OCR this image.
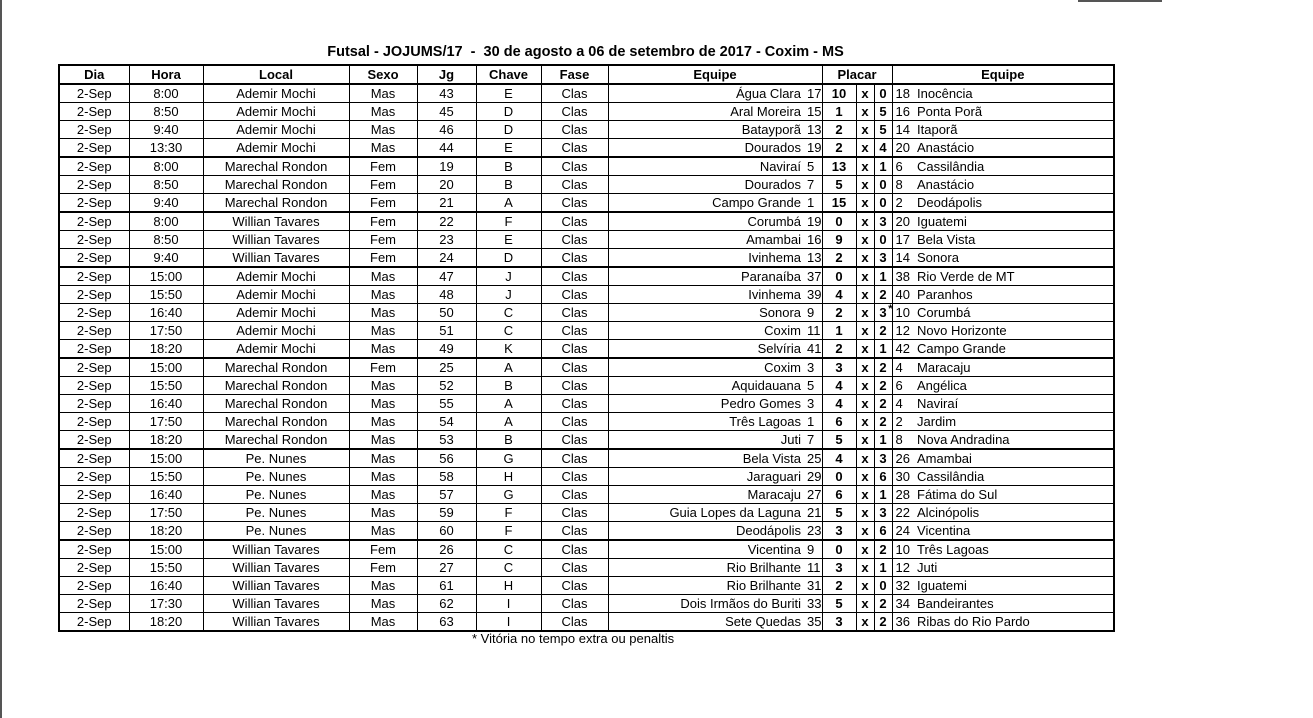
Futsal - JOJUMS/17  -  30 de agosto a 06 de setembro de 2017 - Coxim - MS
Dia	Hora	Local	Sexo	Jg	Chave	Fase	Equipe		Placar			Equipe	
2-Sep	8:00	Ademir Mochi	Mas	43	E	Clas	Água Clara	17	10	x	0	18	Inocência
2-Sep	8:50	Ademir Mochi	Mas	45	D	Clas	Aral Moreira	15	1	x	5	16	Ponta Porã
2-Sep	9:40	Ademir Mochi	Mas	46	D	Clas	Batayporã	13	2	x	5	14	Itaporã
2-Sep	13:30	Ademir Mochi	Mas	44	E	Clas	Dourados	19	2	x	4	20	Anastácio
2-Sep	8:00	Marechal Rondon	Fem	19	B	Clas	Naviraí	5	13	x	1	6	Cassilândia
2-Sep	8:50	Marechal Rondon	Fem	20	B	Clas	Dourados	7	5	x	0	8	Anastácio
2-Sep	9:40	Marechal Rondon	Fem	21	A	Clas	Campo Grande	1	15	x	0	2	Deodápolis
2-Sep	8:00	Willian Tavares	Fem	22	F	Clas	Corumbá	19	0	x	3	20	Iguatemi
2-Sep	8:50	Willian Tavares	Fem	23	E	Clas	Amambai	16	9	x	0	17	Bela Vista
2-Sep	9:40	Willian Tavares	Fem	24	D	Clas	Ivinhema	13	2	x	3	14	Sonora
2-Sep	15:00	Ademir Mochi	Mas	47	J	Clas	Paranaíba	37	0	x	1	38	Rio Verde de MT
2-Sep	15:50	Ademir Mochi	Mas	48	J	Clas	Ivinhema	39	4	x	2	40	Paranhos
2-Sep	16:40	Ademir Mochi	Mas	50	C	Clas	Sonora	9	2	x	3 *	10	Corumbá
2-Sep	17:50	Ademir Mochi	Mas	51	C	Clas	Coxim	11	1	x	2	12	Novo Horizonte
2-Sep	18:20	Ademir Mochi	Mas	49	K	Clas	Selvíria	41	2	x	1	42	Campo Grande
2-Sep	15:00	Marechal Rondon	Fem	25	A	Clas	Coxim	3	3	x	2	4	Maracaju
2-Sep	15:50	Marechal Rondon	Mas	52	B	Clas	Aquidauana	5	4	x	2	6	Angélica
2-Sep	16:40	Marechal Rondon	Mas	55	A	Clas	Pedro Gomes	3	4	x	2	4	Naviraí
2-Sep	17:50	Marechal Rondon	Mas	54	A	Clas	Três Lagoas	1	6	x	2	2	Jardim
2-Sep	18:20	Marechal Rondon	Mas	53	B	Clas	Juti	7	5	x	1	8	Nova Andradina
2-Sep	15:00	Pe. Nunes	Mas	56	G	Clas	Bela Vista	25	4	x	3	26	Amambai
2-Sep	15:50	Pe. Nunes	Mas	58	H	Clas	Jaraguari	29	0	x	6	30	Cassilândia
2-Sep	16:40	Pe. Nunes	Mas	57	G	Clas	Maracaju	27	6	x	1	28	Fátima do Sul
2-Sep	17:50	Pe. Nunes	Mas	59	F	Clas	Guia Lopes da Laguna	21	5	x	3	22	Alcinópolis
2-Sep	18:20	Pe. Nunes	Mas	60	F	Clas	Deodápolis	23	3	x	6	24	Vicentina
2-Sep	15:00	Willian Tavares	Fem	26	C	Clas	Vicentina	9	0	x	2	10	Três Lagoas
2-Sep	15:50	Willian Tavares	Fem	27	C	Clas	Rio Brilhante	11	3	x	1	12	Juti
2-Sep	16:40	Willian Tavares	Mas	61	H	Clas	Rio Brilhante	31	2	x	0	32	Iguatemi
2-Sep	17:30	Willian Tavares	Mas	62	I	Clas	Dois Irmãos do Buriti	33	5	x	2	34	Bandeirantes
2-Sep	18:20	Willian Tavares	Mas	63	I	Clas	Sete Quedas	35	3	x	2	36	Ribas do Rio Pardo
* Vitória no tempo extra ou penaltis
